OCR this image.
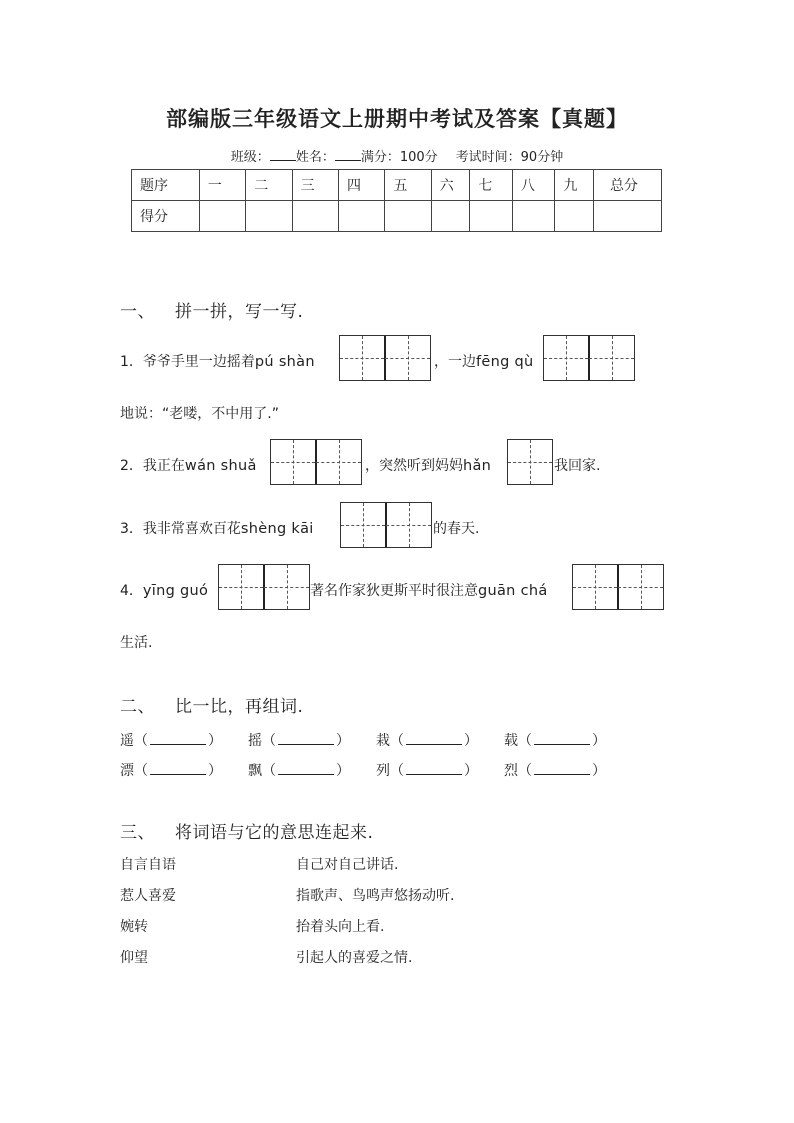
部编版三年级语文上册期中考试及答案【真题】
班级： 姓名： 满分：100分 考试时间：90分钟
题序	一	二	三	四	五	六	七	八	九	总分
得分										
一、 拼一拼，写一写.
1．爷爷手里一边摇着pú shàn	，一边fēng qù
地说：“老喽，不中用了.”
2．我正在wán shuǎ	，突然听到妈妈hǎn	我回家.
3．我非常喜欢百花shèng kāi	的春天.
4．yīng guó	著名作家狄更斯平时很注意guān chá
生活.
二、 比一比，再组词.
遥（	） 摇（	） 栽（	） 载（	）
漂（	） 飘（	） 列（	） 烈（	）
三、 将词语与它的意思连起来.
自言自语	自己对自己讲话.
惹人喜爱	指歌声、鸟鸣声悠扬动听.
婉转	抬着头向上看.
仰望	引起人的喜爱之情.
